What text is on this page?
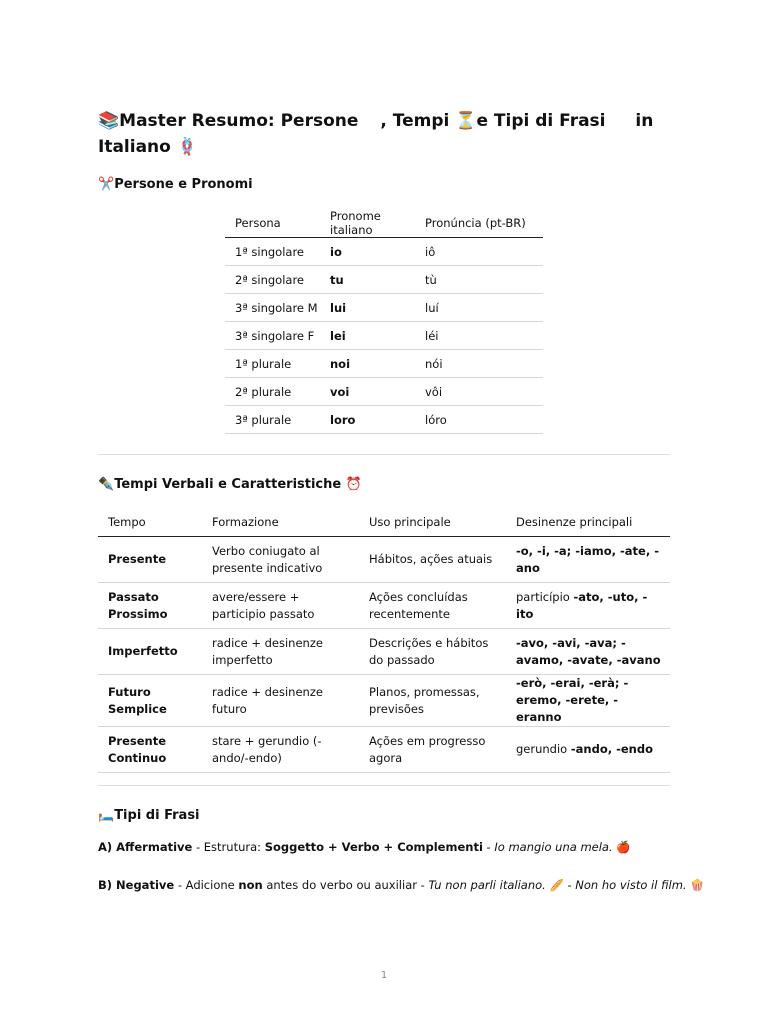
📚Master Resumo: Persone , Tempi ⏳e Tipi di Frasi in
Italiano 🪢
✂️Persone e Pronomi
Persona	Pronome italiano	Pronúncia (pt-BR)
1ª singolare	io	iô
2ª singolare	tu	tù
3ª singolare M	lui	luí
3ª singolare F	lei	léi
1ª plurale	noi	nói
2ª plurale	voi	vôi
3ª plurale	loro	lóro
✒️Tempi Verbali e Caratteristiche ⏰
Tempo	Formazione	Uso principale	Desinenze principali
Presente	Verbo coniugato al presente indicativo	Hábitos, ações atuais	-o, -i, -a; -iamo, -ate, -ano
Passato Prossimo	avere/essere + participio passato	Ações concluídas recentemente	particípio -ato, -uto, -ito
Imperfetto	radice + desinenze imperfetto	Descrições e hábitos do passado	-avo, -avi, -ava; -avamo, -avate, -avano
Futuro Semplice	radice + desinenze futuro	Planos, promessas, previsões	-erò, -erai, -erà; -eremo, -erete, -eranno
Presente Continuo	stare + gerundio (-ando/-endo)	Ações em progresso agora	gerundio -ando, -endo
🛏️Tipi di Frasi

A) Affermative - Estrutura: Soggetto + Verbo + Complementi - Io mangio una mela. 🍎

B) Negative - Adicione non antes do verbo ou auxiliar - Tu non parli italiano. 🥖 - Non ho visto il film. 🍿

1
